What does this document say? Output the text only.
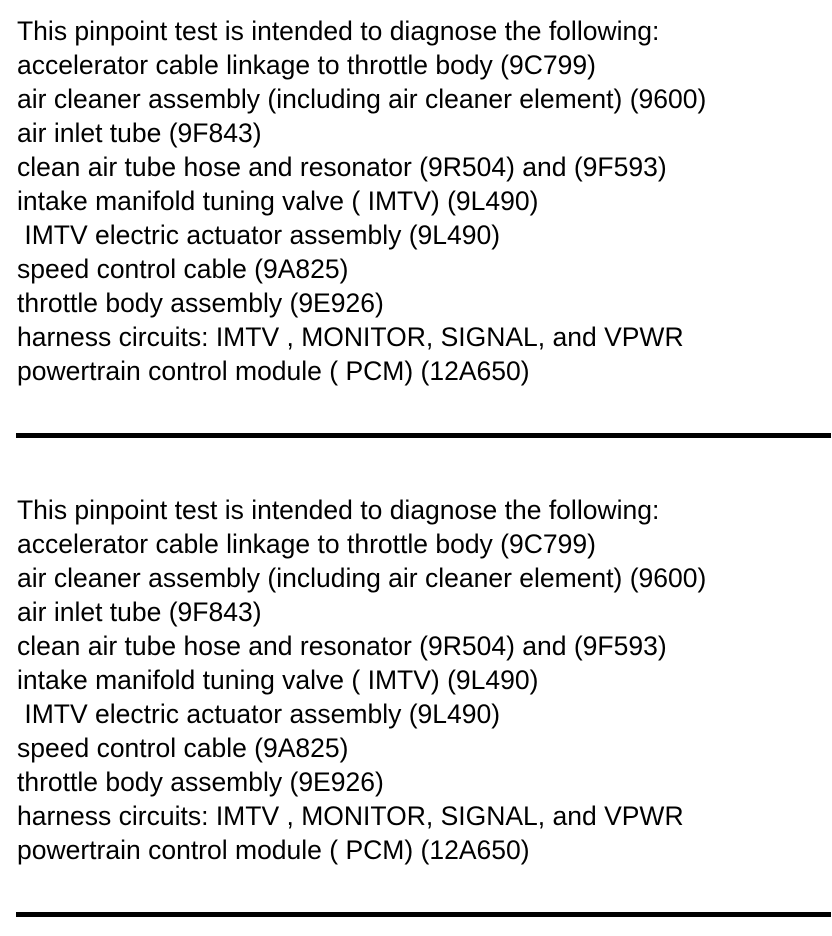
This pinpoint test is intended to diagnose the following:
accelerator cable linkage to throttle body (9C799)
air cleaner assembly (including air cleaner element) (9600)
air inlet tube (9F843)
clean air tube hose and resonator (9R504) and (9F593)
intake manifold tuning valve ( IMTV) (9L490)
IMTV electric actuator assembly (9L490)
speed control cable (9A825)
throttle body assembly (9E926)
harness circuits: IMTV , MONITOR, SIGNAL, and VPWR
powertrain control module ( PCM) (12A650)
This pinpoint test is intended to diagnose the following:
accelerator cable linkage to throttle body (9C799)
air cleaner assembly (including air cleaner element) (9600)
air inlet tube (9F843)
clean air tube hose and resonator (9R504) and (9F593)
intake manifold tuning valve ( IMTV) (9L490)
IMTV electric actuator assembly (9L490)
speed control cable (9A825)
throttle body assembly (9E926)
harness circuits: IMTV , MONITOR, SIGNAL, and VPWR
powertrain control module ( PCM) (12A650)
